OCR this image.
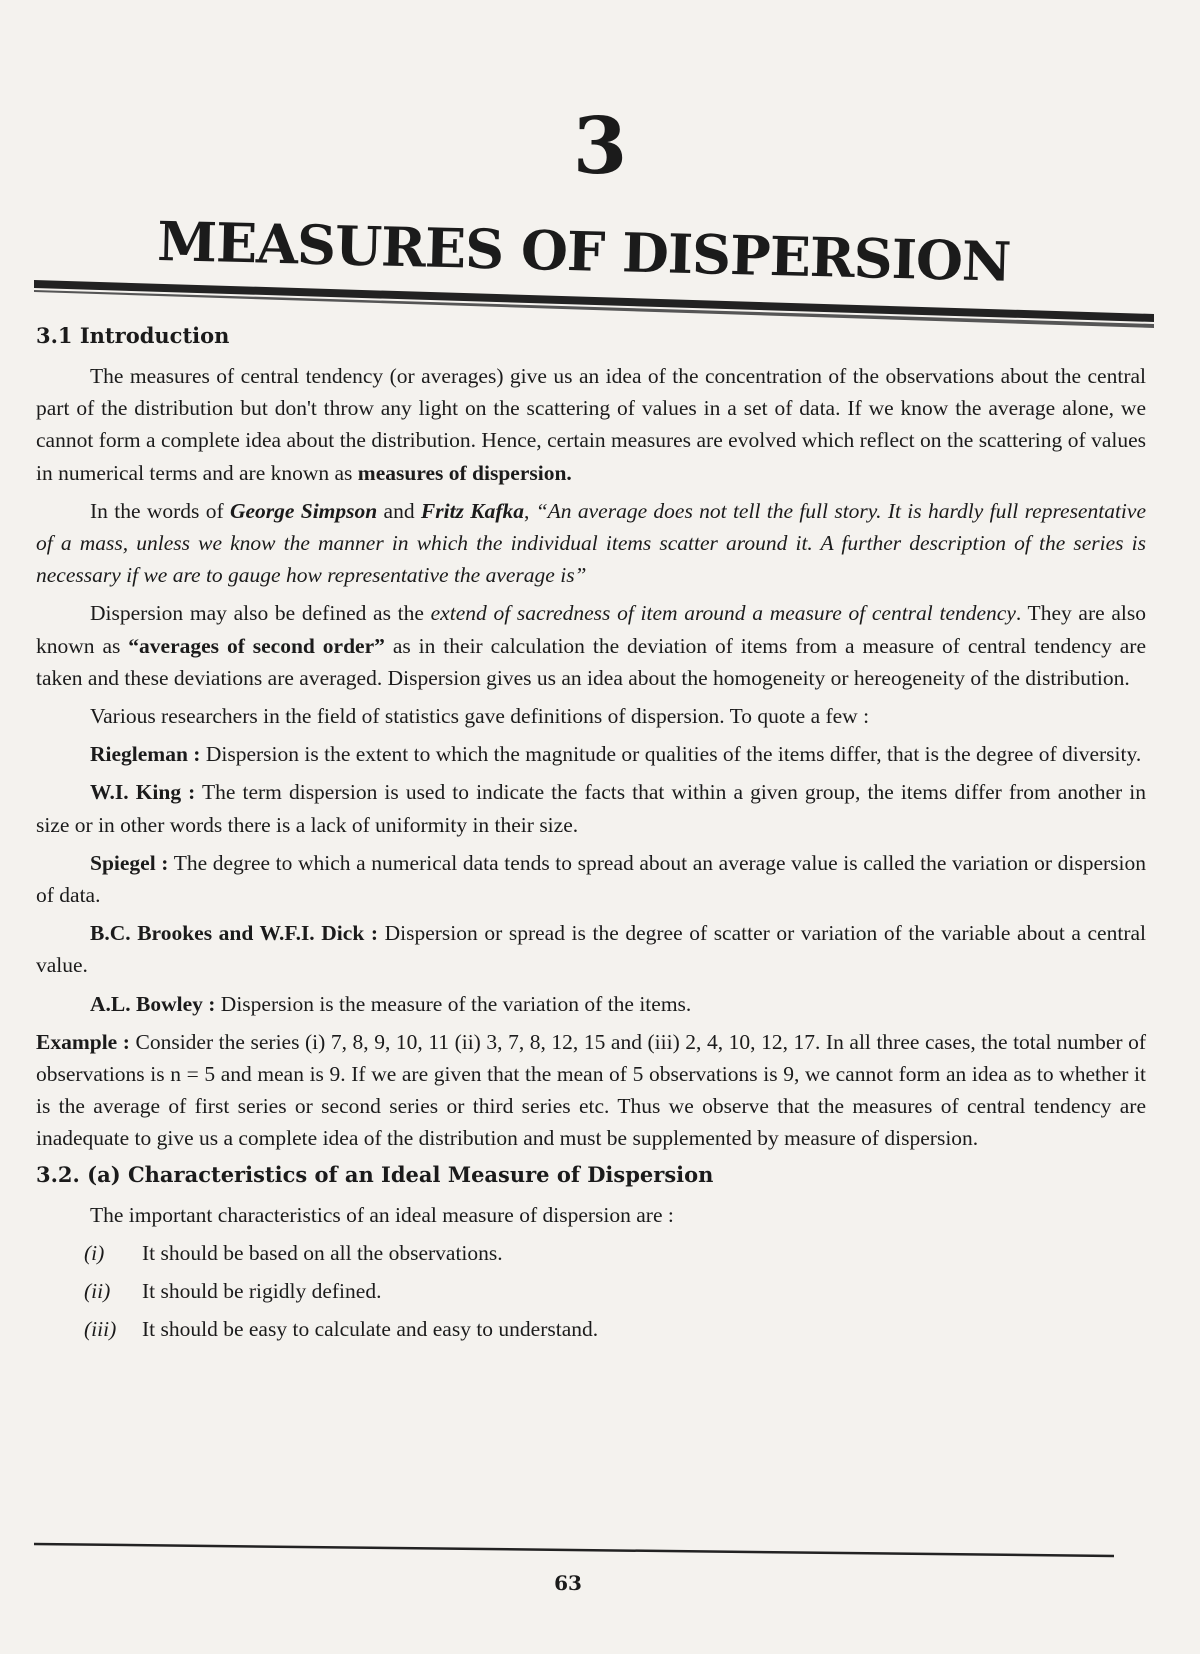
3
MEASURES OF DISPERSION
3.1 Introduction

The measures of central tendency (or averages) give us an idea of the concentration of the observations about the central part of the distribution but don't throw any light on the scattering of values in a set of data. If we know the average alone, we cannot form a complete idea about the distribution. Hence, certain measures are evolved which reflect on the scattering of values in numerical terms and are known as measures of dispersion.

In the words of George Simpson and Fritz Kafka, “An average does not tell the full story. It is hardly full representative of a mass, unless we know the manner in which the individual items scatter around it. A further description of the series is necessary if we are to gauge how representative the average is”

Dispersion may also be defined as the extend of sacredness of item around a measure of central tendency. They are also known as “averages of second order” as in their calculation the deviation of items from a measure of central tendency are taken and these deviations are averaged. Dispersion gives us an idea about the homogeneity or hereogeneity of the distribution.

Various researchers in the field of statistics gave definitions of dispersion. To quote a few :

Riegleman : Dispersion is the extent to which the magnitude or qualities of the items differ, that is the degree of diversity.

W.I. King : The term dispersion is used to indicate the facts that within a given group, the items differ from another in size or in other words there is a lack of uniformity in their size.

Spiegel : The degree to which a numerical data tends to spread about an average value is called the variation or dispersion of data.

B.C. Brookes and W.F.I. Dick : Dispersion or spread is the degree of scatter or variation of the variable about a central value.

A.L. Bowley : Dispersion is the measure of the variation of the items.

Example : Consider the series (i) 7, 8, 9, 10, 11 (ii) 3, 7, 8, 12, 15 and (iii) 2, 4, 10, 12, 17. In all three cases, the total number of observations is n = 5 and mean is 9. If we are given that the mean of 5 observations is 9, we cannot form an idea as to whether it is the average of first series or second series or third series etc. Thus we observe that the measures of central tendency are inadequate to give us a complete idea of the distribution and must be supplemented by measure of dispersion.

3.2. (a) Characteristics of an Ideal Measure of Dispersion

The important characteristics of an ideal measure of dispersion are :

(i)	It should be based on all the observations.
(ii)	It should be rigidly defined.
(iii)	It should be easy to calculate and easy to understand.
63
